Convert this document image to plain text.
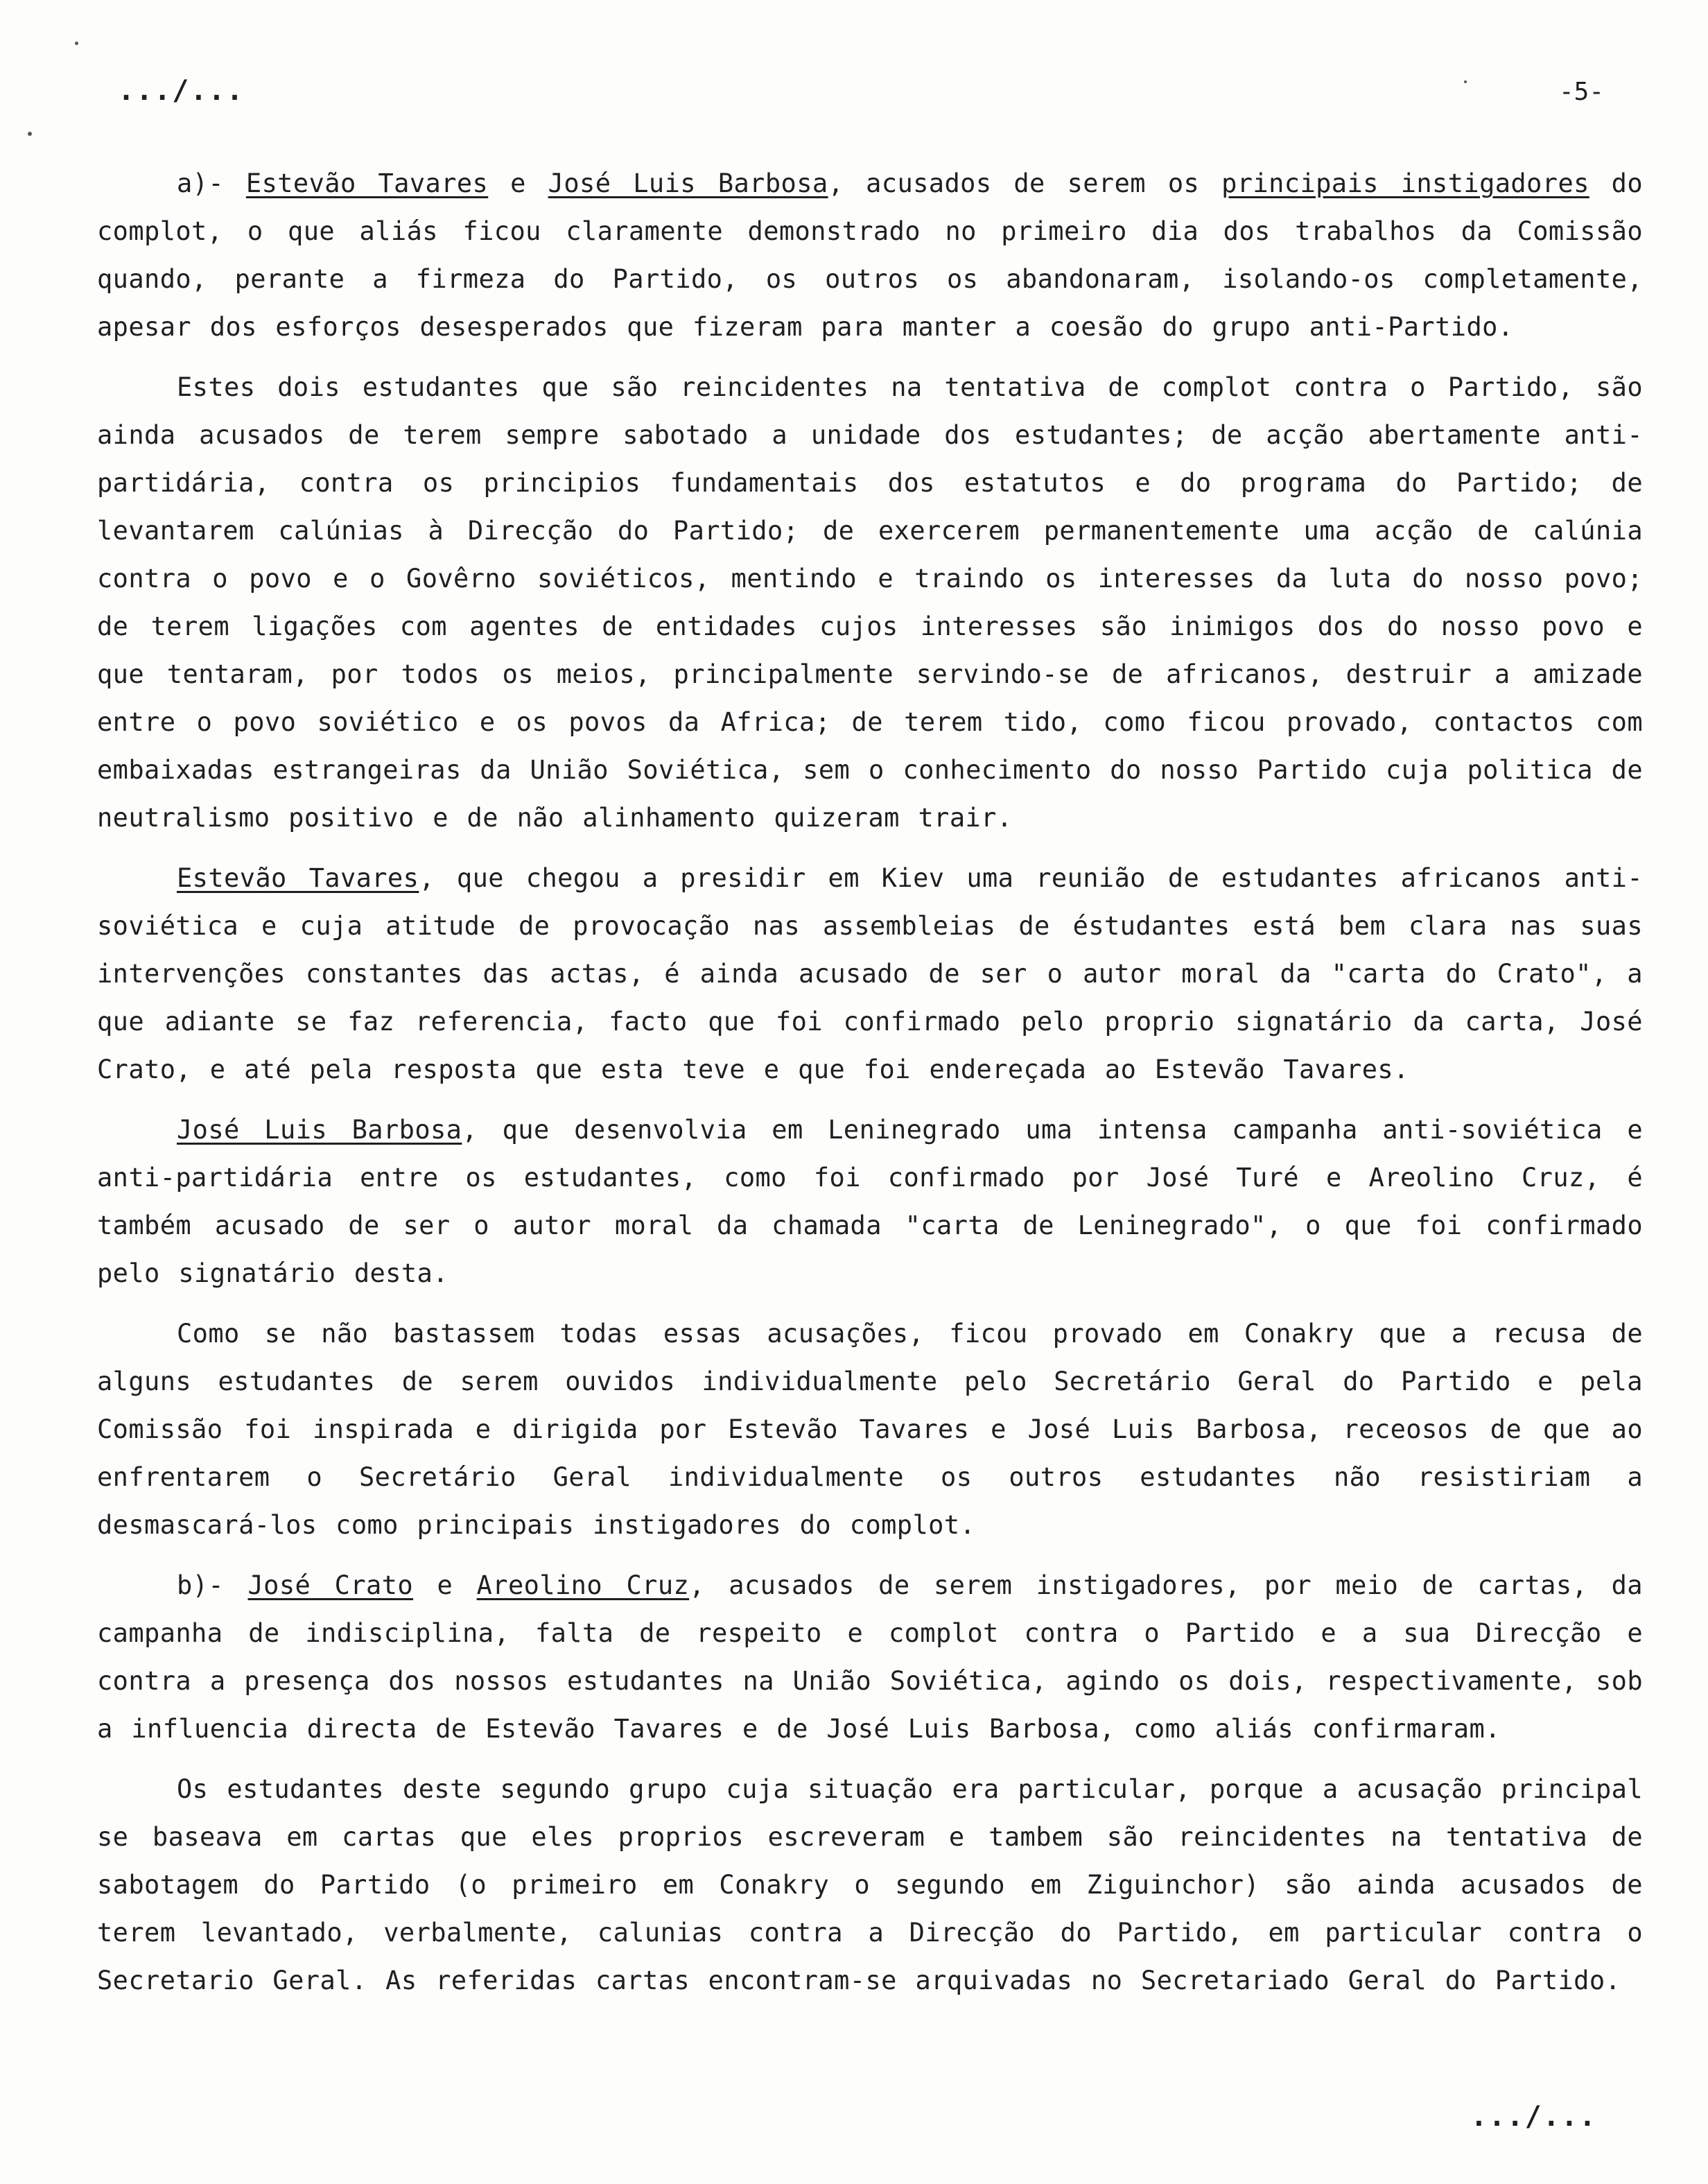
.../...	-5-

a)- Estevão Tavares e José Luis Barbosa, acusados de serem os principais instigadores do complot, o que aliás ficou claramente demonstrado no primeiro dia dos trabalhos da Comissão quando, perante a firmeza do Partido, os outros os abandonaram, isolando-os completamente, apesar dos esforços desesperados que fizeram para manter a coesão do grupo anti-Partido.

Estes dois estudantes que são reincidentes na tentativa de complot contra o Partido, são ainda acusados de terem sempre sabotado a unidade dos estudantes; de acção abertamente anti-partidária, contra os principios fundamentais dos estatutos e do programa do Partido; de levantarem calúnias à Direcção do Partido; de exercerem permanentemente uma acção de calúnia contra o povo e o Govêrno soviéticos, mentindo e traindo os interesses da luta do nosso povo; de terem ligações com agentes de entidades cujos interesses são inimigos dos do nosso povo e que tentaram, por todos os meios, principalmente servindo-se de africanos, destruir a amizade entre o povo soviético e os povos da Africa; de terem tido, como ficou provado, contactos com embaixadas estrangeiras da União Soviética, sem o conhecimento do nosso Partido cuja politica de neutralismo positivo e de não alinhamento quizeram trair.

Estevão Tavares, que chegou a presidir em Kiev uma reunião de estudantes africanos anti-soviética e cuja atitude de provocação nas assembleias de éstudantes está bem clara nas suas intervenções constantes das actas, é ainda acusado de ser o autor moral da "carta do Crato", a que adiante se faz referencia, facto que foi confirmado pelo proprio signatário da carta, José Crato, e até pela resposta que esta teve e que foi endereçada ao Estevão Tavares.

José Luis Barbosa, que desenvolvia em Leninegrado uma intensa campanha anti-soviética e anti-partidária entre os estudantes, como foi confirmado por José Turé e Areolino Cruz, é também acusado de ser o autor moral da chamada "carta de Leninegrado", o que foi confirmado pelo signatário desta.

Como se não bastassem todas essas acusações, ficou provado em Conakry que a recusa de alguns estudantes de serem ouvidos individualmente pelo Secretário Geral do Partido e pela Comissão foi inspirada e dirigida por Estevão Tavares e José Luis Barbosa, receosos de que ao enfrentarem o Secretário Geral individualmente os outros estudantes não resistiriam a desmascará-los como principais instigadores do complot.

b)- José Crato e Areolino Cruz, acusados de serem instigadores, por meio de cartas, da campanha de indisciplina, falta de respeito e complot contra o Partido e a sua Direcção e contra a presença dos nossos estudantes na União Soviética, agindo os dois, respectivamente, sob a influencia directa de Estevão Tavares e de José Luis Barbosa, como aliás confirmaram.

Os estudantes deste segundo grupo cuja situação era particular, porque a acusação principal se baseava em cartas que eles proprios escreveram e tambem são reincidentes na tentativa de sabotagem do Partido (o primeiro em Conakry o segundo em Ziguinchor) são ainda acusados de terem levantado, verbalmente, calunias contra a Direcção do Partido, em particular contra o Secretario Geral. As referidas cartas encontram-se arquivadas no Secretariado Geral do Partido.

.../...
